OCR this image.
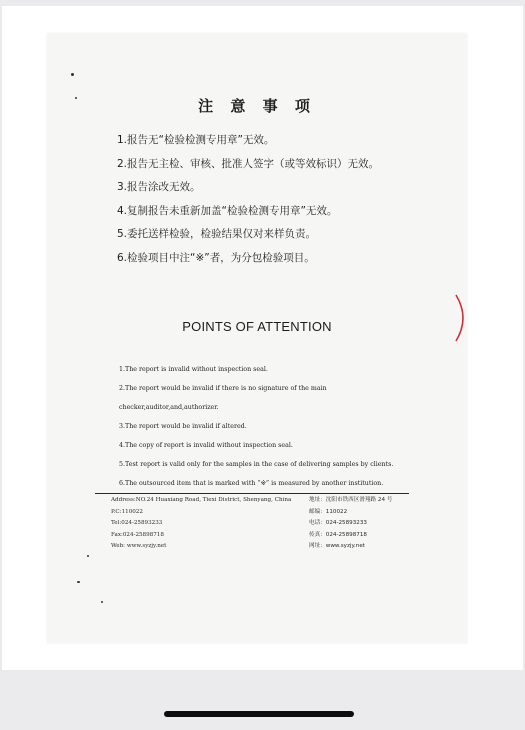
注 意 事 项
1.报告无“检验检测专用章”无效。
2.报告无主检、审核、批准人签字（或等效标识）无效。
3.报告涂改无效。
4.复制报告未重新加盖“检验检测专用章”无效。
5.委托送样检验，检验结果仅对来样负责。
6.检验项目中注“※”者，为分包检验项目。
POINTS OF ATTENTION
1.The report is invalid without inspection seal.
2.The report would be invalid if there is no signature of the main
checker,auditor,and,authorizer.
3.The report would be invalid if altered.
4.The copy of report is invalid without inspection seal.
5.Test report is valid only for the samples in the case of delivering samples by clients.
6.The outsourced item that is marked with “※” is measured by another institution.
Address:NO.24 Huaxiang Road, Tiexi District, Shenyang, China
P.C:110022
Tel:024-25893233
Fax:024-25898718
Web: www.syzjy.net
地址：沈阳市铁西区滑翔路 24 号
邮编：110022
电话：024-25893233
传真：024-25898718
网址：www.syzjy.net
